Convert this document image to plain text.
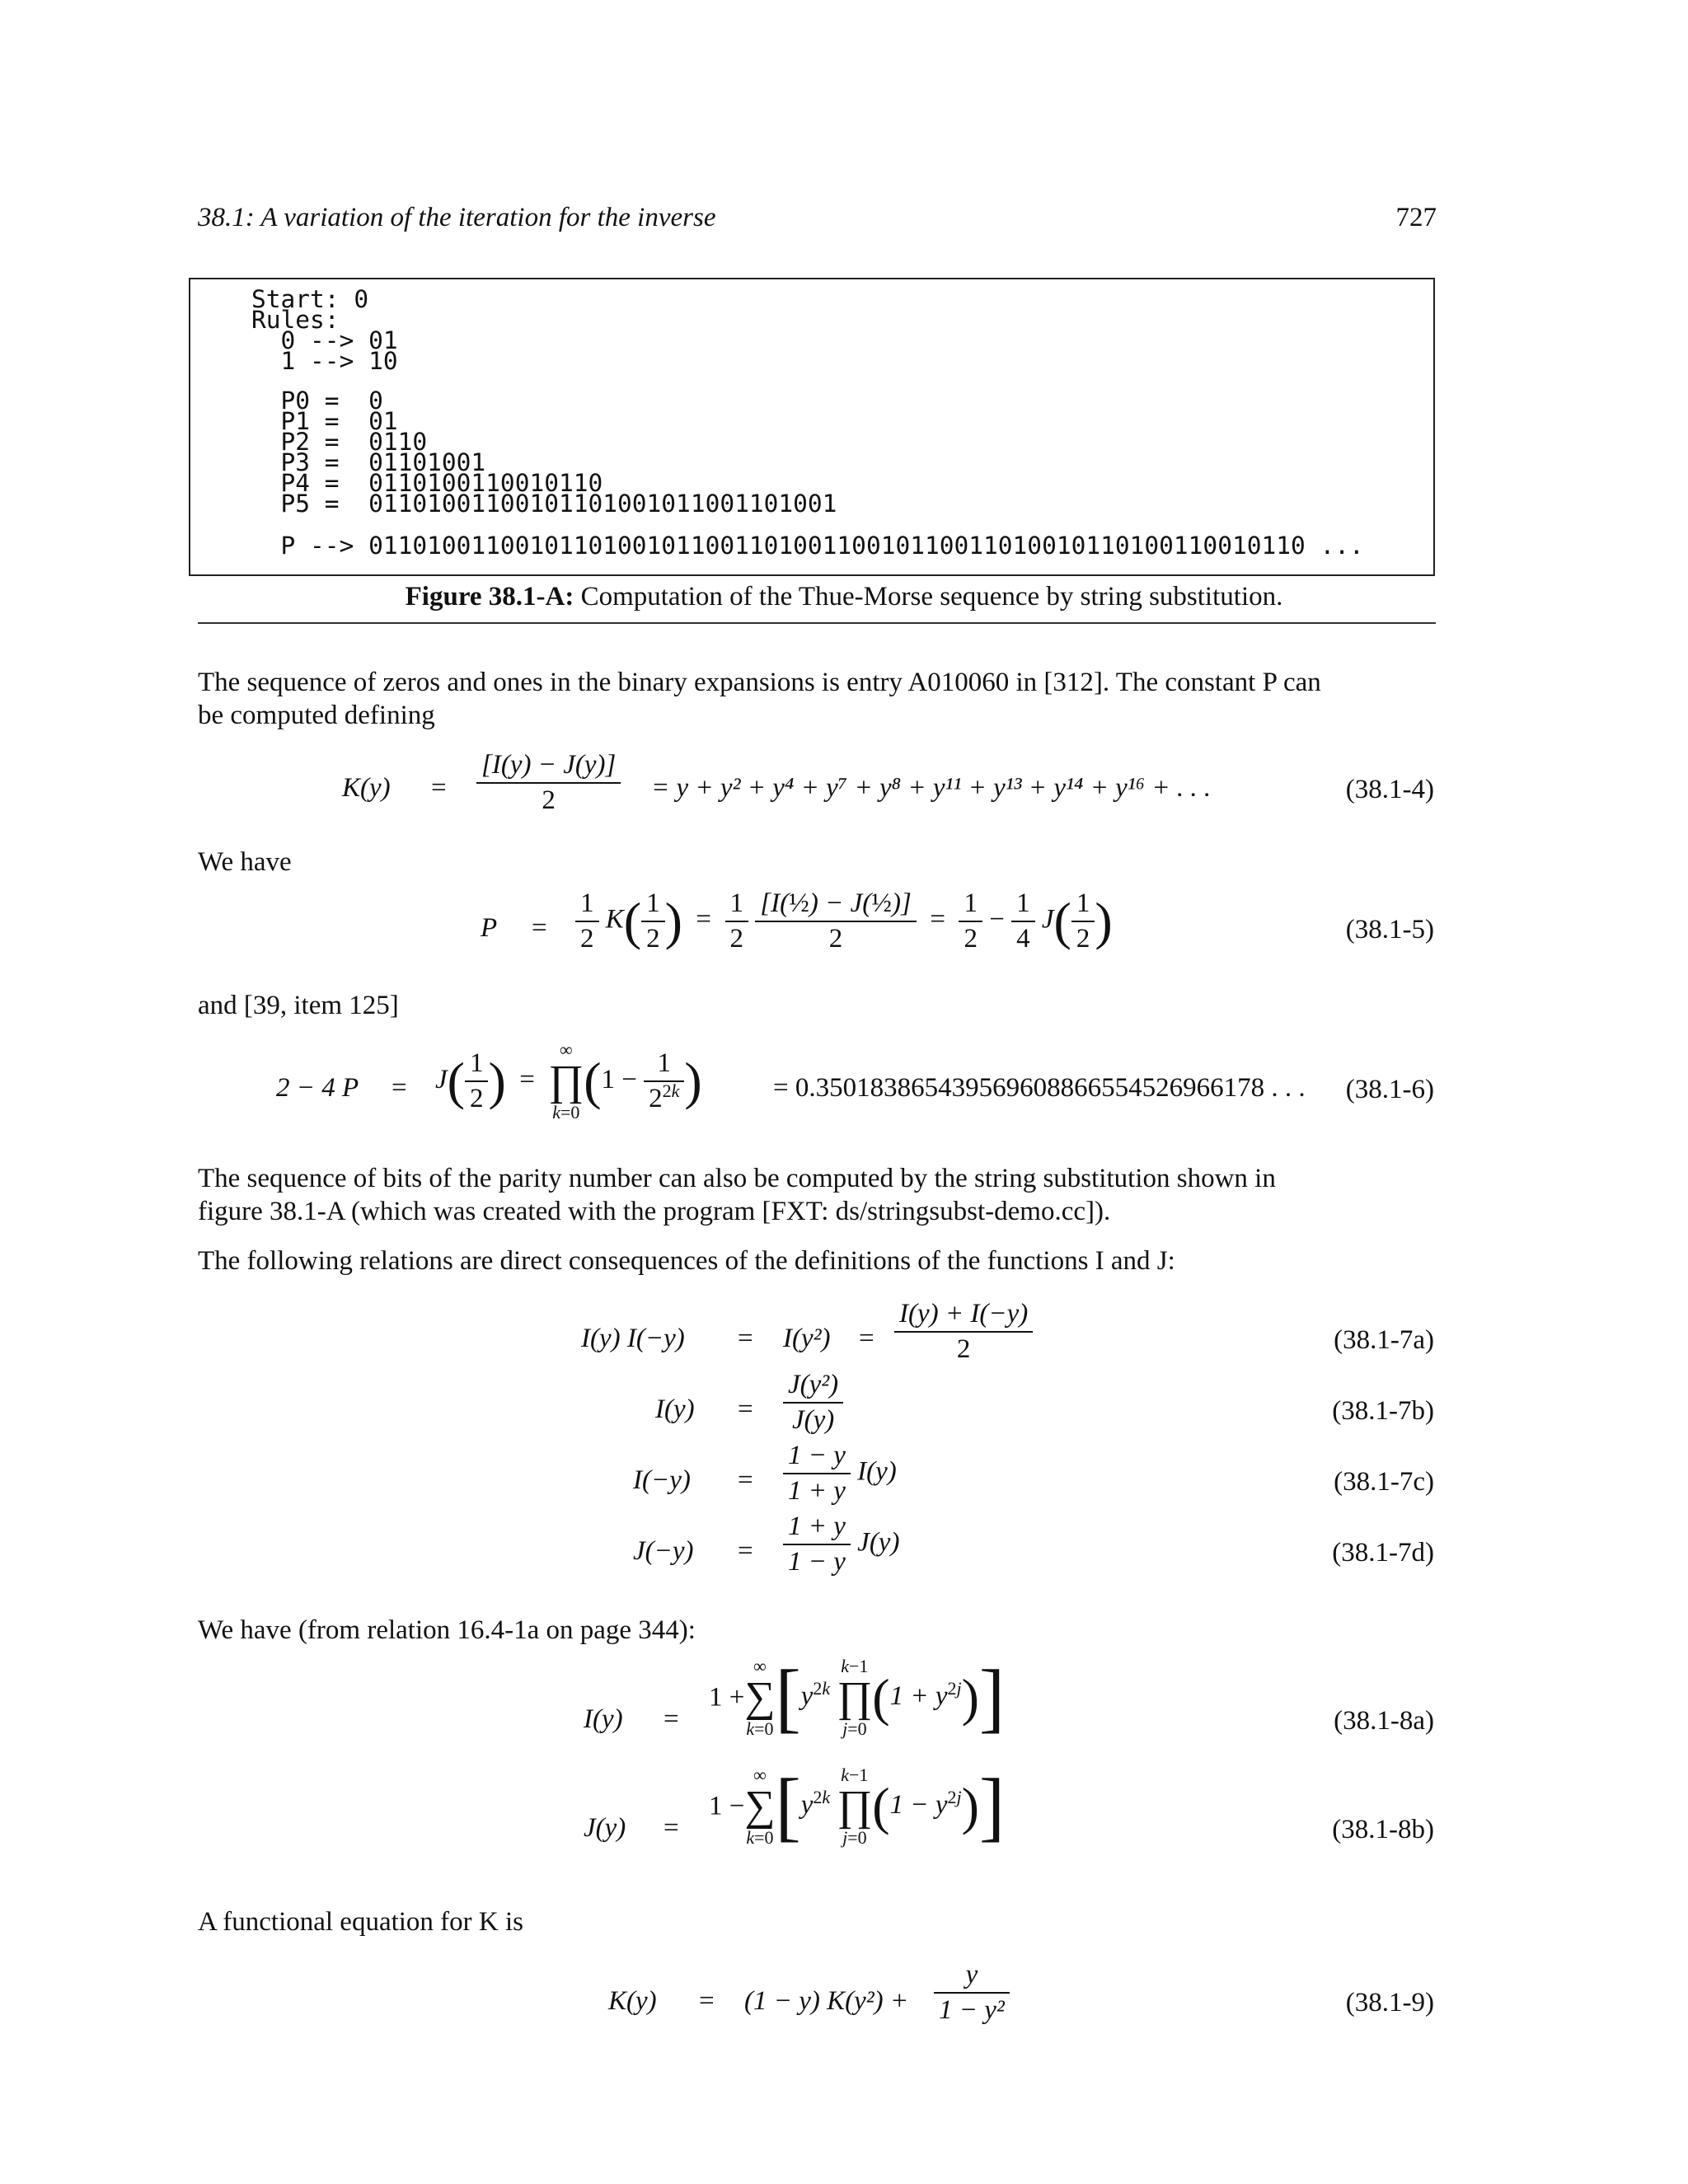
38.1: A variation of the iteration for the inverse	727
Start: 0
Rules:
0 --> 01
1 --> 10
P0 =  0
P1 =  01
P2 =  0110
P3 =  01101001
P4 =  0110100110010110
P5 =  01101001100101101001011001101001
P --> 0110100110010110100101100110100110010110011010010110100110010110 ...
Figure 38.1-A: Computation of the Thue-Morse sequence by string substitution.
The sequence of zeros and ones in the binary expansions is entry A010060 in [312]. The constant P can
be computed defining
$K(y) = \frac{[I(y) - J(y)]}{2} = y + y^2 + y^4 + y^7 + y^8 + y^{11} + y^{13} + y^{14} + y^{16}$ + . . .	(38.1-4)
We have
$P = \frac{1}{2} K( \frac{1}{2}$ )  = $\frac{1}{2}$
$\frac{\text{[I(½) − J(½)]}}{2} = \frac{1}{2} - \frac{1}{4} J( \frac{1}{2}$ )	(38.1-5)
and [39, item 125]
2 − 4 $P = J( \frac{1}{2}$ )  =
∞
∏
k=0
($1 - \frac{1}{2^{2k}}$ )	= 0.350183865439569608866554526966178 . . . (38.1-6)
The sequence of bits of the parity number can also be computed by the string substitution shown in
figure 38.1-A (which was created with the program [FXT: ds/stringsubst-demo.cc]).
The following relations are direct consequences of the definitions of the functions I and J:
I(y) $I(-y) = I(y^2) = \frac{I(y) + I(-y)}{2}$	(38.1-7a)
$I(y) = \frac{\text{J(y²)}}{J(y)}$	(38.1-7b)
$I(-y) = \frac{1 - y}{1 + y} I(y)$	(38.1-7c)
$J(-y) = \frac{1 + y}{1 - y} J(y)$	(38.1-7d)
We have (from relation 16.4-1a on page 344):
I(y) =
1 +
∞
∑
k=0 [$y^{2k}$
k−1
∏
j=0
$(1 + y^{2j})$]	(38.1-8a)
J(y) =
1 −
∞
∑
k=0 [$y^{2k}$
k−1
∏
j=0
$(1 - y^{2j})$]	(38.1-8b)
A functional equation for K is
K(y) = (1 − y) $K(y^2) + \frac{y}{\text{1 − y²}}$	(38.1-9)
